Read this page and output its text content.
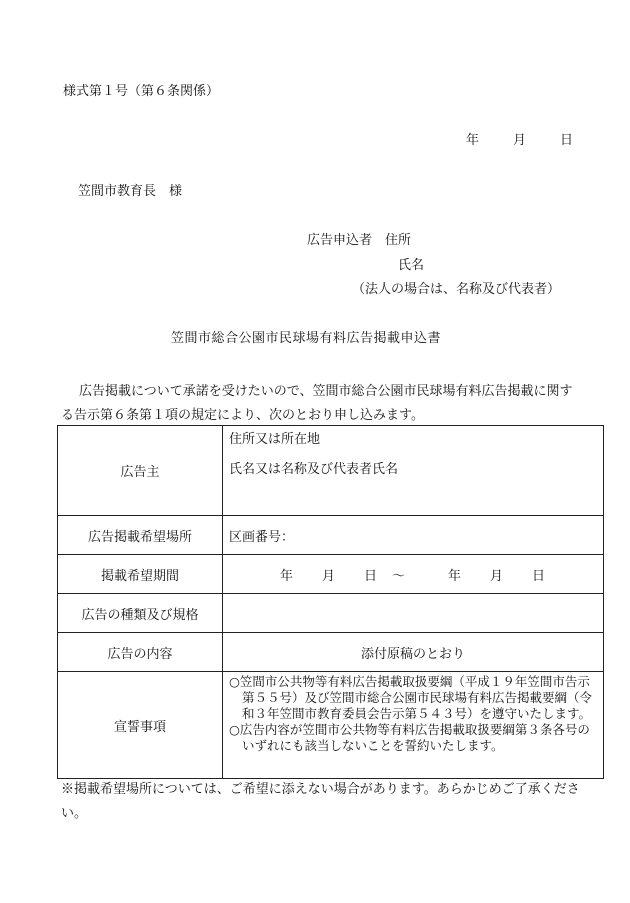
様式第１号（第６条関係）
年	月	日
笠間市教育長　様
広告申込者 住所
氏名
（法人の場合は、名称及び代表者）
笠間市総合公園市民球場有料広告掲載申込書
広告掲載について承諾を受けたいので、笠間市総合公園市民球場有料広告掲載に関する告示第６条第１項の規定により、次のとおり申し込みます。
広告主	住所又は所在地
氏名又は名称及び代表者氏名

広告掲載希望場所	区画番号：
掲載希望期間	年　　月　　日　～　　　年　　月　　日
広告の種類及び規格	
広告の内容	添付原稿のとおり
宣誓事項	○笠間市公共物等有料広告掲載取扱要綱（平成１９年笠間市告示第５５号）及び笠間市総合公園市民球場有料広告掲載要綱（令和３年笠間市教育委員会告示第５４３号）を遵守いたします。
○広告内容が笠間市公共物等有料広告掲載取扱要綱第３条各号のいずれにも該当しないことを誓約いたします。
※掲載希望場所については、ご希望に添えない場合があります。あらかじめご了承ください。
